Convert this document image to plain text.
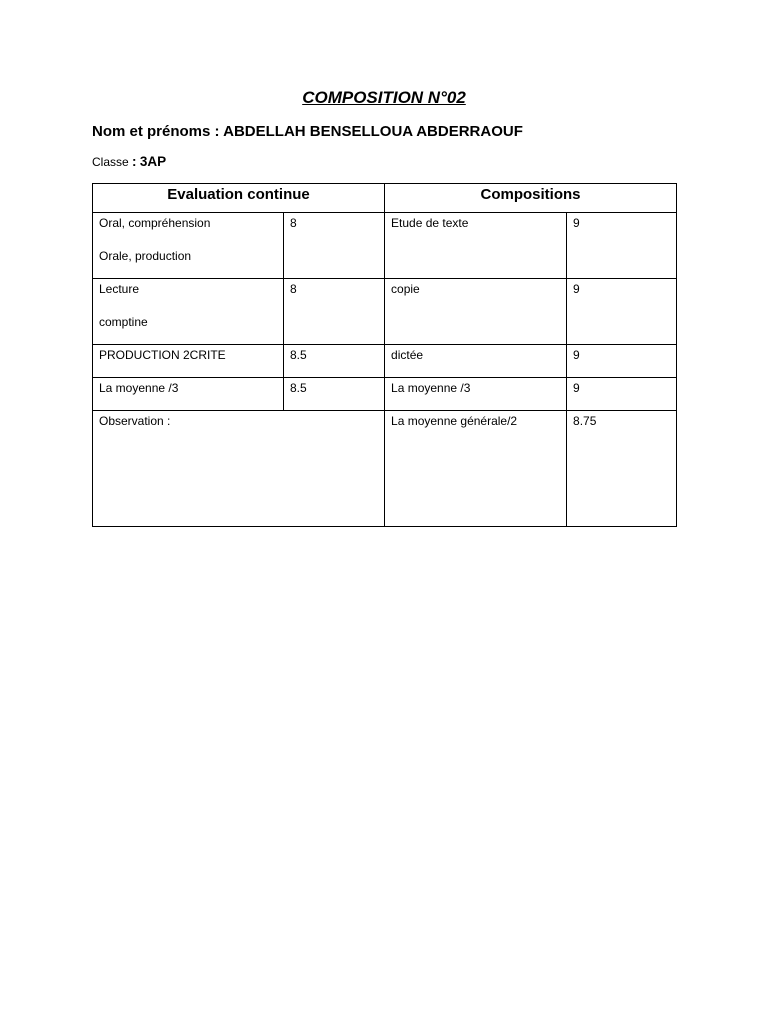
COMPOSITION N°02
Nom et prénoms : ABDELLAH BENSELLOUA ABDERRAOUF
Classe : 3AP
Evaluation continue		Compositions	
Oral, compréhension
Orale, production	8	Etude de texte	9
Lecture
comptine	8	copie	9
PRODUCTION 2CRITE	8.5	dictée	9
La moyenne /3	8.5	La moyenne /3	9
Observation :		La moyenne générale/2	8.75
